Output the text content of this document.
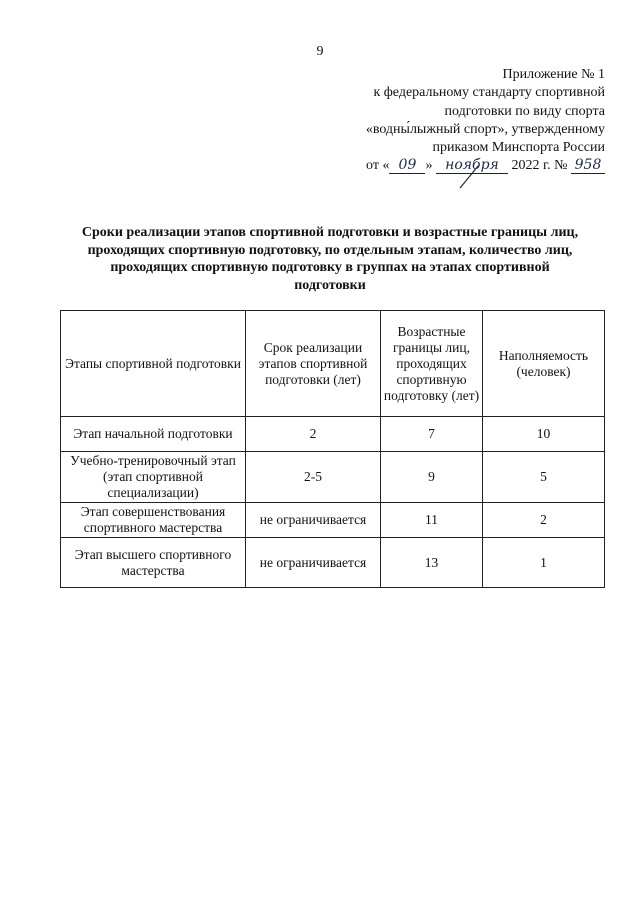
9
Приложение № 1
к федеральному стандарту спортивной
подготовки по виду спорта
«водны́лыжный спорт», утвержденному
приказом Минспорта России
от « 09 » ноября 2022 г. № 958
Сроки реализации этапов спортивной подготовки и возрастные границы лиц,
проходящих спортивную подготовку, по отдельным этапам, количество лиц,
проходящих спортивную подготовку в группах на этапах спортивной
подготовки
Этапы спортивной подготовки	Срок реализации этапов спортивной подготовки (лет)	Возрастные границы лиц, проходящих спортивную подготовку (лет)	Наполняемость (человек)

Этап начальной подготовки	2	7	10
Учебно-тренировочный этап (этап спортивной специализации)	2-5	9	5
Этап совершенствования спортивного мастерства	не ограничивается	11	2
Этап высшего спортивного мастерства	не ограничивается	13	1
